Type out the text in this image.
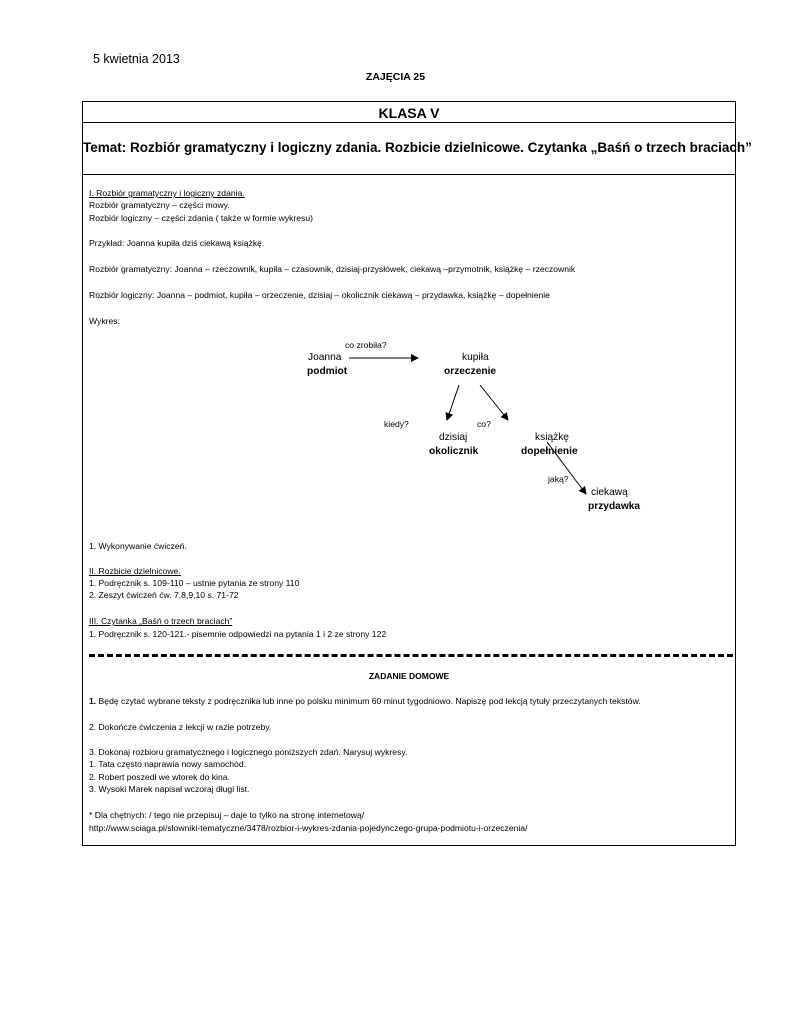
5 kwietnia 2013
ZAJĘCIA 25
KLASA V
Temat: Rozbiór gramatyczny i logiczny zdania. Rozbicie dzielnicowe. Czytanka „Baśń o trzech braciach”
I. Rozbiór gramatyczny i logiczny zdania.
Rozbiór gramatyczny – części mowy.
Rozbiór logiczny – części zdania ( także w formie wykresu)
Przykład: Joanna kupiła dziś ciekawą książkę.
Rozbiór gramatyczny: Joanna – rzeczownik, kupiła – czasownik, dzisiaj-przysłówek, ciekawą –przymotnik, książkę – rzeczownik
Rozbiór logiczny: Joanna – podmiot, kupiła – orzeczenie, dzisiaj – okolicznik ciekawą – przydawka, książkę – dopełnienie
Wykres:
co zrobiła?
Joanna
podmiot
kupiła
orzeczenie
kiedy?	co?
dzisiaj
okolicznik
książkę
dopełnienie
jaką?
ciekawą
przydawka
1. Wykonywanie ćwiczeń.
II. Rozbicie dzielnicowe.
1. Podręcznik s. 109-110 – ustnie pytania ze strony 110
2. Zeszyt ćwiczeń ćw. 7,8,9,10 s. 71-72
III. Czytanka „Baśń o trzech braciach”
1. Podręcznik s. 120-121.- pisemnie odpowiedzi na pytania 1 i 2 ze strony 122
ZADANIE DOMOWE
1. Będę czytać wybrane teksty z podręcznika lub inne po polsku minimum 60 minut tygodniowo. Napiszę pod lekcją tytuły przeczytanych tekstów.
2. Dokończe ćwiczenia z lekcji w razie potrzeby.
3. Dokonaj rozbioru gramatycznego i logicznego poniższych zdań. Narysuj wykresy.
1. Tata często naprawia nowy samochód.
2. Robert poszedł we wtorek do kina.
3. Wysoki Marek napisał wczoraj długi list.
* Dla chętnych: / tego nie przepisuj – daje to tylko na stronę internetową/
http://www.sciaga.pl/slowniki-tematyczne/3478/rozbior-i-wykres-zdania-pojedynczego-grupa-podmiotu-i-orzeczenia/
